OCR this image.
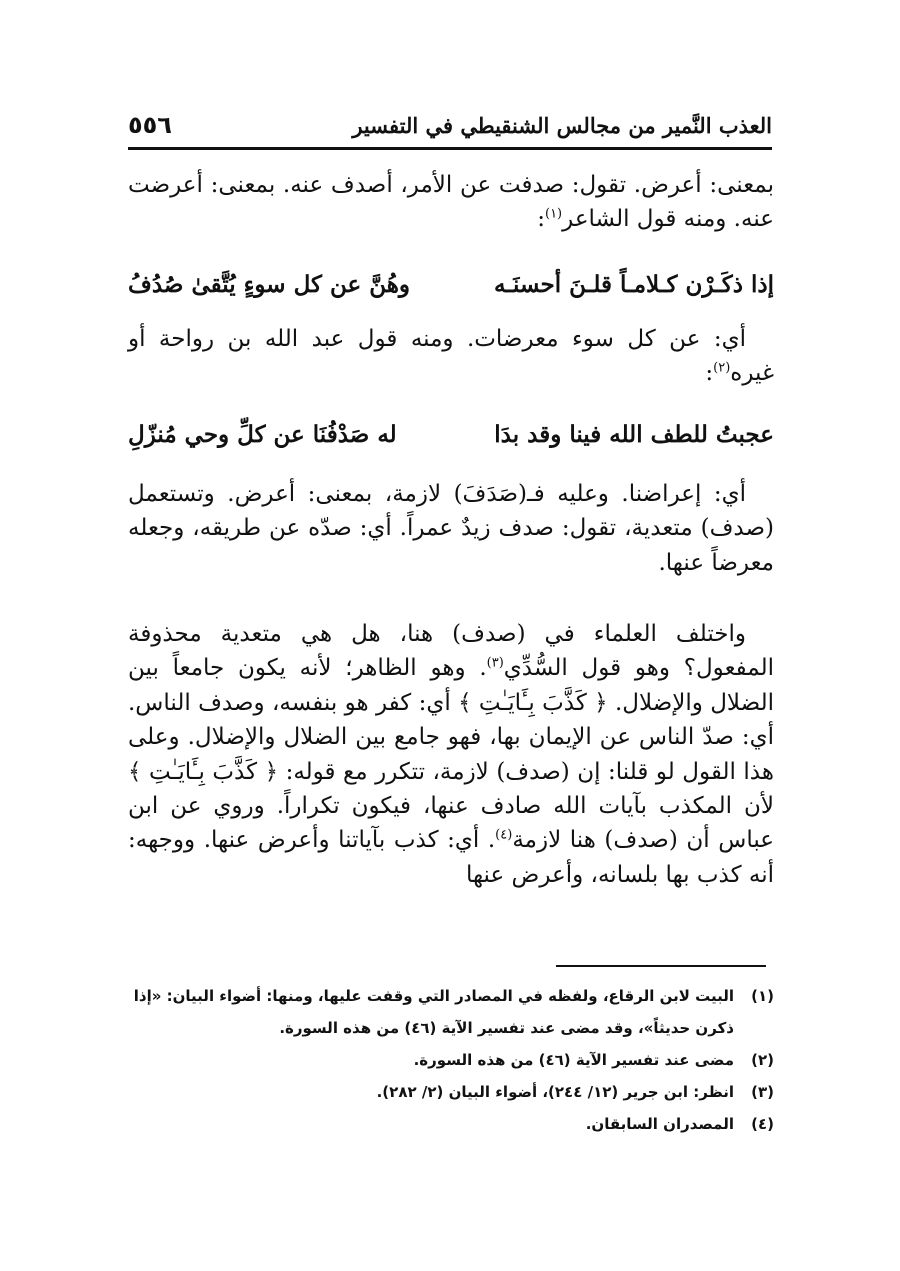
العذب النَّمير من مجالس الشنقيطي في التفسير
٥٥٦
بمعنى: أعرض. تقول: صدفت عن الأمر، أصدف عنه. بمعنى: أعرضت عنه. ومنه قول الشاعر$^{(١)}$:
إذا ذكَـرْن كـلامـاً قلـنَ أحسنَـه
وهُنَّ عن كل سوءٍ يُتَّقىٰ صُدُفُ
أي: عن كل سوء معرضات. ومنه قول عبد الله بن رواحة أو غيره$^{(٢)}$:
عجبتُ للطف الله فينا وقد بدَا
له صَدْفُنَا عن كلِّ وحي مُنزّلِ
أي: إعراضنا. وعليه فـ(صَدَفَ) لازمة، بمعنى: أعرض. وتستعمل (صدف) متعدية، تقول: صدف زيدٌ عمراً. أي: صدّه عن طريقه، وجعله معرضاً عنها.
واختلف العلماء في (صدف) هنا، هل هي متعدية محذوفة المفعول؟ وهو قول السُّدِّي$^{(٣)}$. وهو الظاهر؛ لأنه يكون جامعاً بين الضلال والإضلال. ﴿ كَذَّبَ بِـَٔايَـٰتِ ﴾ أي: كفر هو بنفسه، وصدف الناس. أي: صدّ الناس عن الإيمان بها، فهو جامع بين الضلال والإضلال. وعلى هذا القول لو قلنا: إن (صدف) لازمة، تتكرر مع قوله: ﴿ كَذَّبَ بِـَٔايَـٰتِ ﴾ لأن المكذب بآيات الله صادف عنها، فيكون تكراراً. وروي عن ابن عباس أن (صدف) هنا لازمة$^{(٤)}$. أي: كذب بآياتنا وأعرض عنها. ووجهه: أنه كذب بها بلسانه، وأعرض عنها
(١)
البيت لابن الرقاع، ولفظه في المصادر التي وقفت عليها، ومنها: أضواء البيان: «إذا ذكرن حديثاً»، وقد مضى عند تفسير الآية (٤٦) من هذه السورة.
(٢)
مضى عند تفسير الآية (٤٦) من هذه السورة.
(٣)
انظر: ابن جرير (١٢/ ٢٤٤)، أضواء البيان (٢/ ٢٨٢).
(٤)
المصدران السابقان.
